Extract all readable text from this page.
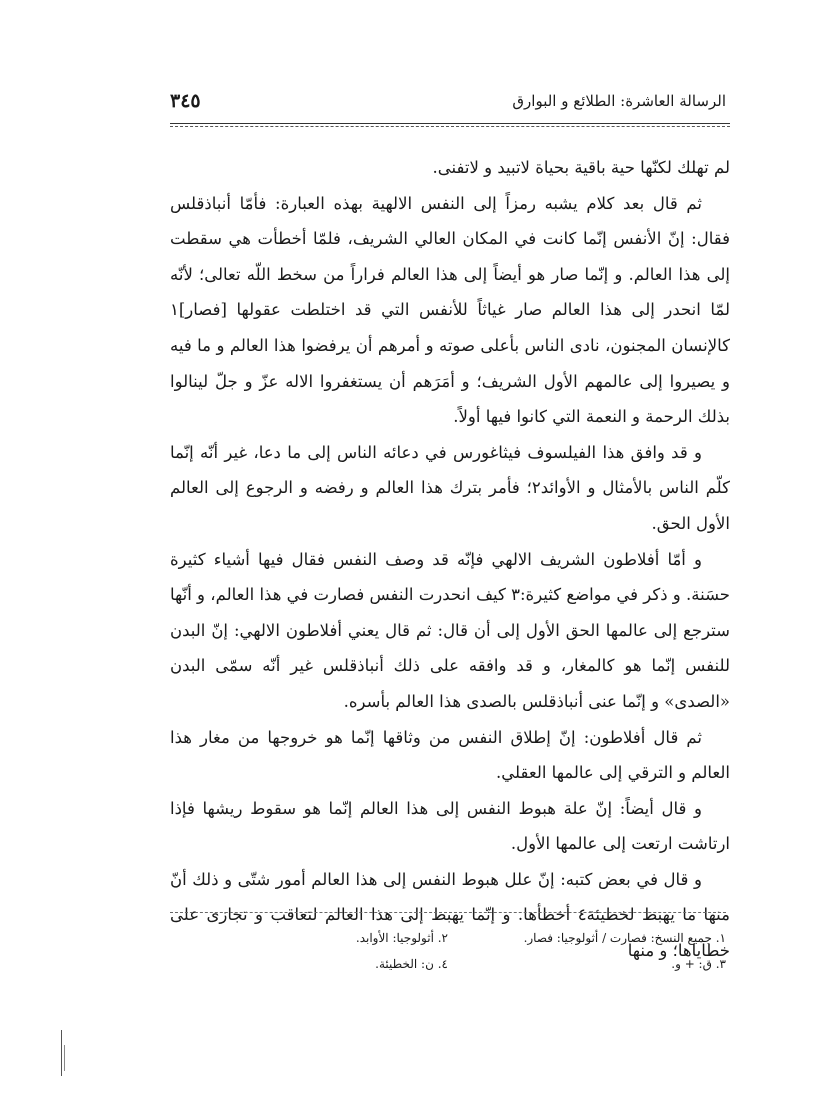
الرسالة العاشرة: الطلائع و البوارق
٣٤٥

لم تهلك لكنّها حية باقية بحياة لاتبيد و لاتفنى.

ثم قال بعد كلام يشبه رمزاً إلى النفس الالهية بهذه العبارة: فأمّا أنباذقلس فقال: إنّ الأنفس إنّما كانت في المكان العالي الشريف، فلمّا أخطأت هي سقطت إلى هذا العالم. و إنّما صار هو أيضاً إلى هذا العالم فراراً من سخط اللّه تعالى؛ لأنّه لمّا انحدر إلى هذا العالم صار غياثاً للأنفس التي قد اختلطت عقولها [فصار]١ كالإنسان المجنون، نادى الناس بأعلى صوته و أمرهم أن يرفضوا هذا العالم و ما فيه و يصيروا إلى عالمهم الأول الشريف؛ و أمَرَهم أن يستغفروا الاله عزّ و جلّ لينالوا بذلك الرحمة و النعمة التي كانوا فيها أولاً.

و قد وافق هذا الفيلسوف فيثاغورس في دعائه الناس إلى ما دعا، غير أنّه إنّما كلّم الناس بالأمثال و الأوائد٢؛ فأمر بترك هذا العالم و رفضه و الرجوع إلى العالم الأول الحق.

و أمّا أفلاطون الشريف الالهي فإنّه قد وصف النفس فقال فيها أشياء كثيرة حسَنة. و ذكر في مواضع كثيرة:٣ كيف انحدرت النفس فصارت في هذا العالم، و أنّها سترجع إلى عالمها الحق الأول إلى أن قال: ثم قال يعني أفلاطون الالهي: إنّ البدن للنفس إنّما هو كالمغار، و قد وافقه على ذلك أنباذقلس غير أنّه سمّى البدن «الصدى» و إنّما عنى أنباذقلس بالصدى هذا العالم بأسره.

ثم قال أفلاطون: إنّ إطلاق النفس من وثاقها إنّما هو خروجها من مغار هذا العالم و الترقي إلى عالمها العقلي.

و قال أيضاً: إنّ علة هبوط النفس إلى هذا العالم إنّما هو سقوط ريشها فإذا ارتاشت ارتعت إلى عالمها الأول.

و قال في بعض كتبه: إنّ علل هبوط النفس إلى هذا العالم أمور شتّى و ذلك أنّ منها ما يهبط لخطيئة٤ أخطأها. و إنّما يهبط إلى هذا العالم لتعاقب و تجازى على خطاياها؛ و منها

١. جميع النسخ: فصارت / أثولوجيا: فصار.
٢. أثولوجيا: الأوابد.
٣. ق: + و.
٤. ن: الخطيئة.
